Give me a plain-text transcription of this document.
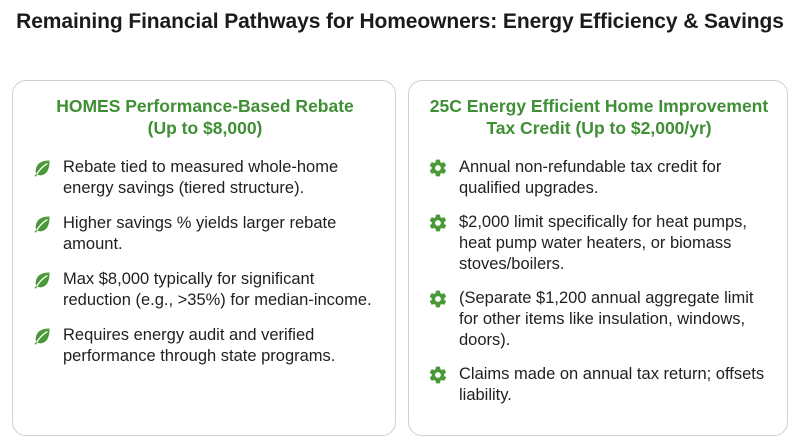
Remaining Financial Pathways for Homeowners: Energy Efficiency & Savings
HOMES Performance-Based Rebate
(Up to $8,000)
Rebate tied to measured whole-home energy savings (tiered structure).
Higher savings % yields larger rebate amount.
Max $8,000 typically for significant reduction (e.g., >35%) for median-income.
Requires energy audit and verified performance through state programs.
25C Energy Efficient Home Improvement
Tax Credit (Up to $2,000/yr)
Annual non-refundable tax credit for qualified upgrades.
$2,000 limit specifically for heat pumps, heat pump water heaters, or biomass stoves/boilers.
(Separate $1,200 annual aggregate limit for other items like insulation, windows, doors).
Claims made on annual tax return; offsets liability.
